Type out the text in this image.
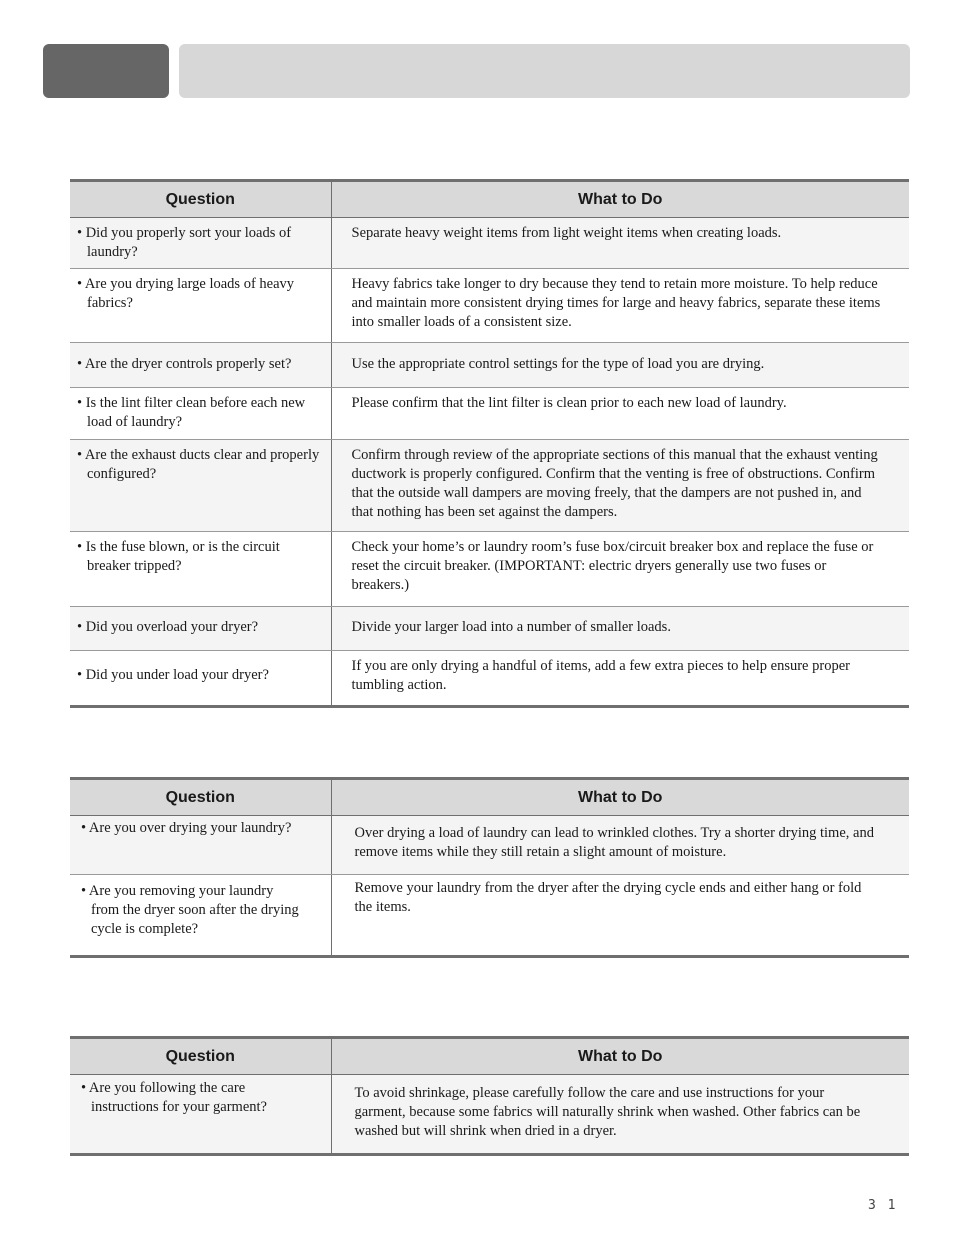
Question	What to Do

• Did you properly sort your loads of laundry?	Separate heavy weight items from light weight items when creating loads.

• Are you drying large loads of heavy fabrics?	Heavy fabrics take longer to dry because they tend to retain more moisture. To help reduce and maintain more consistent drying times for large and heavy fabrics, separate these items into smaller loads of a consistent size.

• Are the dryer controls properly set?	Use the appropriate control settings for the type of load you are drying.

• Is the lint filter clean before each new load of laundry?	Please confirm that the lint filter is clean prior to each new load of laundry.

• Are the exhaust ducts clear and properly configured?	Confirm through review of the appropriate sections of this manual that the exhaust venting ductwork is properly configured. Confirm that the venting is free of obstructions. Confirm that the outside wall dampers are moving freely, that the dampers are not pushed in, and that nothing has been set against the dampers.

• Is the fuse blown, or is the circuit breaker tripped?	Check your home’s or laundry room’s fuse box/circuit breaker box and replace the fuse or reset the circuit breaker. (IMPORTANT: electric dryers generally use two fuses or breakers.)

• Did you overload your dryer?	Divide your larger load into a number of smaller loads.

• Did you under load your dryer?	If you are only drying a handful of items, add a few extra pieces to help ensure proper tumbling action.
Question	What to Do

• Are you over drying your laundry?	Over drying a load of laundry can lead to wrinkled clothes. Try a shorter drying time, and remove items while they still retain a slight amount of moisture.

• Are you removing your laundry from the dryer soon after the drying cycle is complete?	Remove your laundry from the dryer after the drying cycle ends and either hang or fold the items.
Question	What to Do

• Are you following the care instructions for your garment?	To avoid shrinkage, please carefully follow the care and use instructions for your garment, because some fabrics will naturally shrink when washed. Other fabrics can be washed but will shrink when dried in a dryer.
3 1
